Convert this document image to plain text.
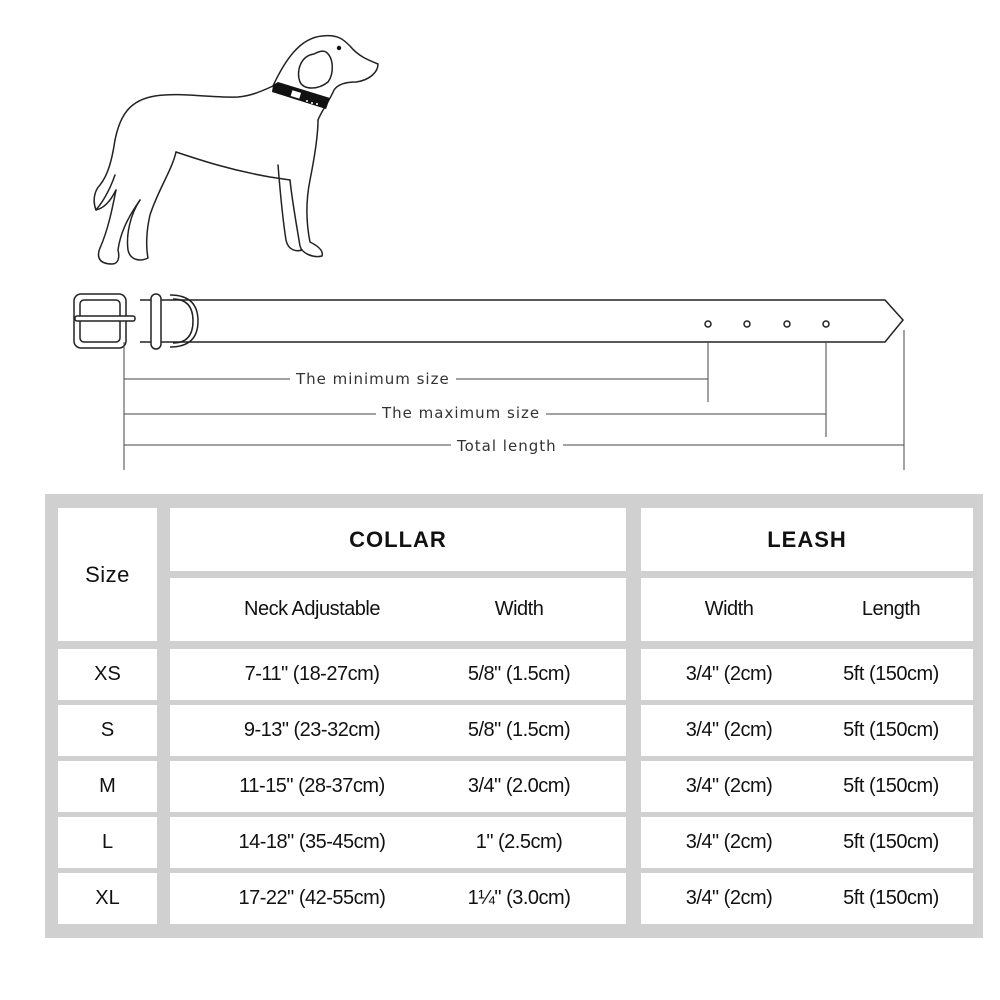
The minimum size
The maximum size
Total length
Size
COLLAR	LEASH
Neck Adjustable	Width	Width	Length
XS	7-11" (18-27cm)	5/8" (1.5cm)	3/4" (2cm)	5ft (150cm)
S	9-13" (23-32cm)	5/8" (1.5cm)	3/4" (2cm)	5ft (150cm)
M	11-15" (28-37cm)	3/4" (2.0cm)	3/4" (2cm)	5ft (150cm)
L	14-18" (35-45cm)	1" (2.5cm)	3/4" (2cm)	5ft (150cm)
XL	17-22" (42-55cm)	1¼" (3.0cm)	3/4" (2cm)	5ft (150cm)
